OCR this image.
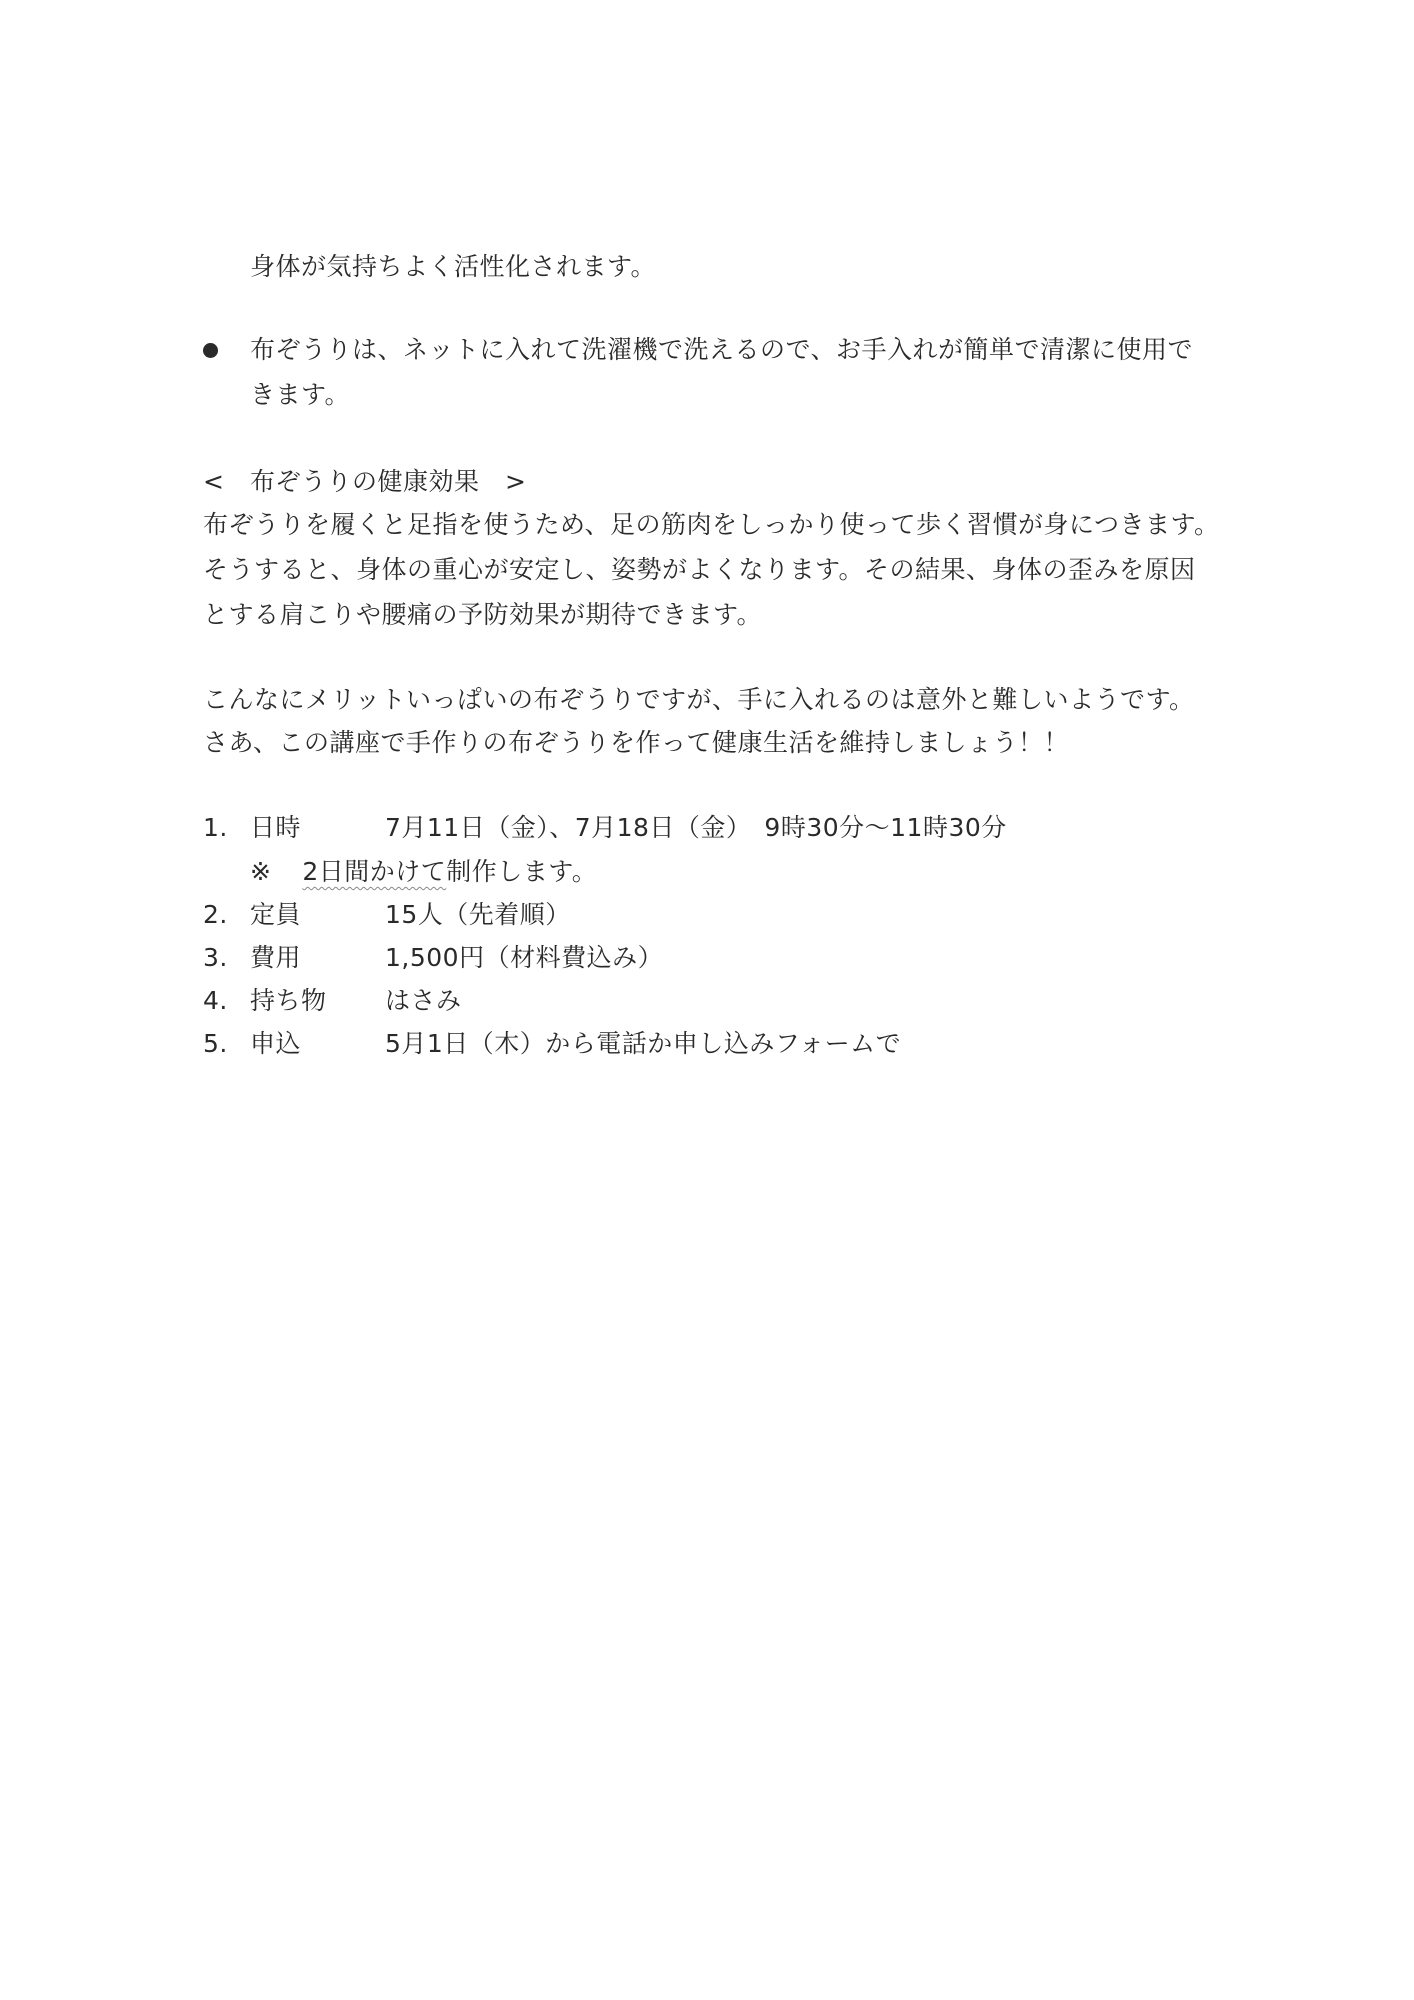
身体が気持ちよく活性化されます。
布ぞうりは、ネットに入れて洗濯機で洗えるので、お手入れが簡単で清潔に使用で
きます。
<　布ぞうりの健康効果　>
布ぞうりを履くと足指を使うため、足の筋肉をしっかり使って歩く習慣が身につきます。
そうすると、身体の重心が安定し、姿勢がよくなります。その結果、身体の歪みを原因
とする肩こりや腰痛の予防効果が期待できます。
こんなにメリットいっぱいの布ぞうりですが、手に入れるのは意外と難しいようです。
さあ、この講座で手作りの布ぞうりを作って健康生活を維持しましょう！！
1. 日時	7月11日（金）、7月18日（金）　9時30分～11時30分
※ 2日間かけて制作します。
2. 定員	15人（先着順）
3. 費用	1,500円（材料費込み）
4. 持ち物 はさみ
5. 申込	5月1日（木）から電話か申し込みフォームで
